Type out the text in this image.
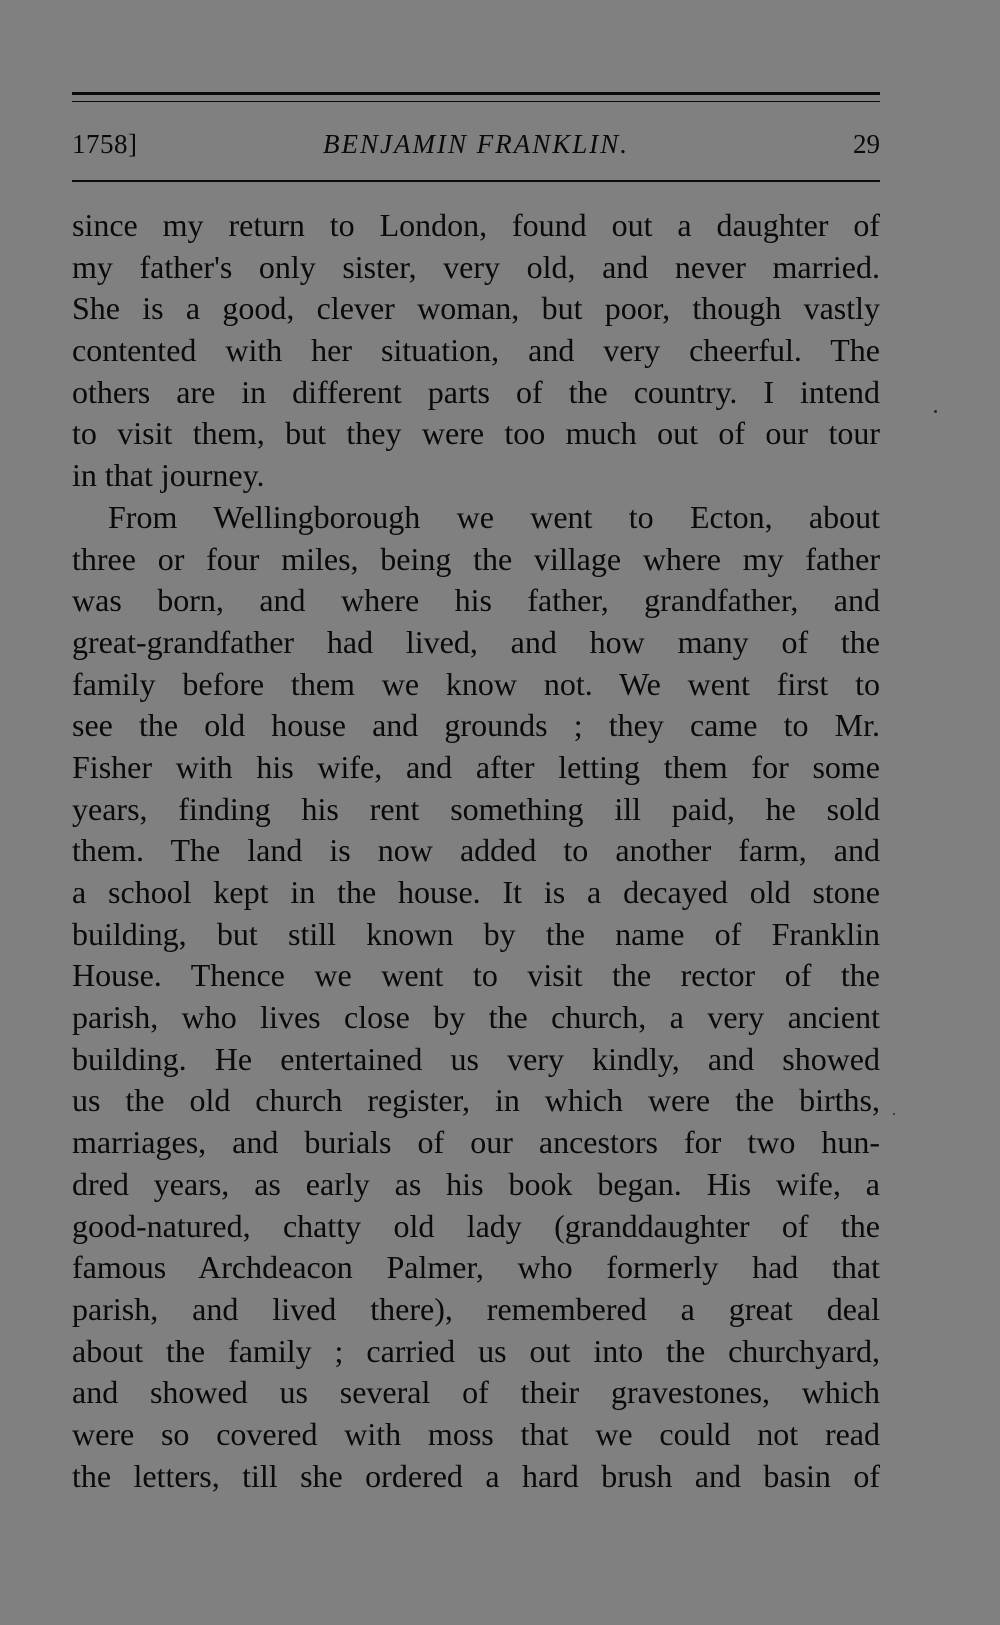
1758]	BENJAMIN FRANKLIN.	29
since my return to London, found out a daughter of
my father's only sister, very old, and never married.
She is a good, clever woman, but poor, though vastly
contented with her situation, and very cheerful. The
others are in different parts of the country. I intend
to visit them, but they were too much out of our tour
in that journey.
From Wellingborough we went to Ecton, about
three or four miles, being the village where my father
was born, and where his father, grandfather, and
great-grandfather had lived, and how many of the
family before them we know not. We went first to
see the old house and grounds ; they came to Mr.
Fisher with his wife, and after letting them for some
years, finding his rent something ill paid, he sold
them. The land is now added to another farm, and
a school kept in the house. It is a decayed old stone
building, but still known by the name of Franklin
House. Thence we went to visit the rector of the
parish, who lives close by the church, a very ancient
building. He entertained us very kindly, and showed
us the old church register, in which were the births,
marriages, and burials of our ancestors for two hun-
dred years, as early as his book began. His wife, a
good-natured, chatty old lady (granddaughter of the
famous Archdeacon Palmer, who formerly had that
parish, and lived there), remembered a great deal
about the family ; carried us out into the churchyard,
and showed us several of their gravestones, which
were so covered with moss that we could not read
the letters, till she ordered a hard brush and basin of
